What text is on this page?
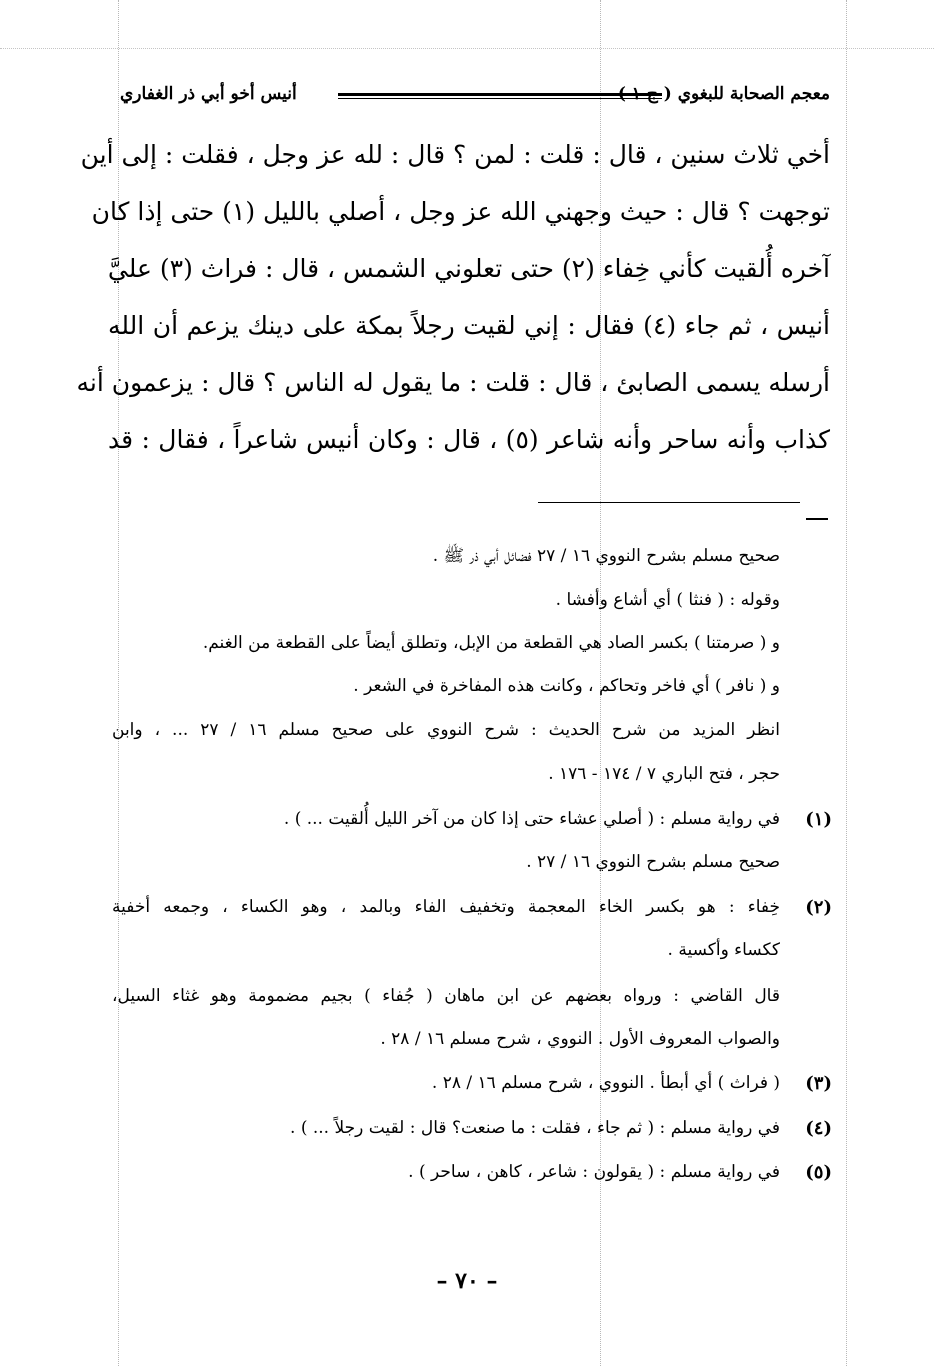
معجم الصحابة للبغوي ( ج ١ )
أنيس أخو أبي ذر الغفاري
أخي ثلاث سنين ، قال : قلت : لمن ؟ قال : لله عز وجل ، فقلت : إلى أين
توجهت ؟ قال : حيث وجهني الله عز وجل ، أصلي بالليل (١) حتى إذا كان
آخره أُلقيت كأني خِفاء (٢) حتى تعلوني الشمس ، قال : فراث (٣) عليَّ
أنيس ، ثم جاء (٤) فقال : إني لقيت رجلاً بمكة على دينك يزعم أن الله
أرسله يسمى الصابئ ، قال : قلت : ما يقول له الناس ؟ قال : يزعمون أنه
كذاب وأنه ساحر وأنه شاعر (٥) ، قال : وكان أنيس شاعراً ، فقال : قد
صحيح مسلم بشرح النووي ١٦ / ٢٧ فضائل أبي ذر ﷺ .
وقوله : ( فنثا ) أي أشاع وأفشا .
و ( صرمتنا ) بكسر الصاد هي القطعة من الإبل، وتطلق أيضاً على القطعة من الغنم.
و ( نافر ) أي فاخر وتحاكم ، وكانت هذه المفاخرة في الشعر .
انظر المزيد من شرح الحديث : شرح النووي على صحيح مسلم ١٦ / ٢٧ ... ، وابن
حجر ، فتح الباري ٧ / ١٧٤ - ١٧٦ .
(١)
في رواية مسلم : ( أصلي عشاء حتى إذا كان من آخر الليل أُلقيت ... ) .
صحيح مسلم بشرح النووي ١٦ / ٢٧ .
(٢)
خِفاء : هو بكسر الخاء المعجمة وتخفيف الفاء وبالمد ، وهو الكساء ، وجمعه أخفية
ككساء وأكسية .
قال القاضي : ورواه بعضهم عن ابن ماهان ( جُفاء ) بجيم مضمومة وهو غثاء السيل،
والصواب المعروف الأول . النووي ، شرح مسلم ١٦ / ٢٨ .
(٣)
( فراث ) أي أبطأ . النووي ، شرح مسلم ١٦ / ٢٨ .
(٤)
في رواية مسلم : ( ثم جاء ، فقلت : ما صنعت؟ قال : لقيت رجلاً ... ) .
(٥)
في رواية مسلم : ( يقولون : شاعر ، كاهن ، ساحر ) .
– ٧٠ –
